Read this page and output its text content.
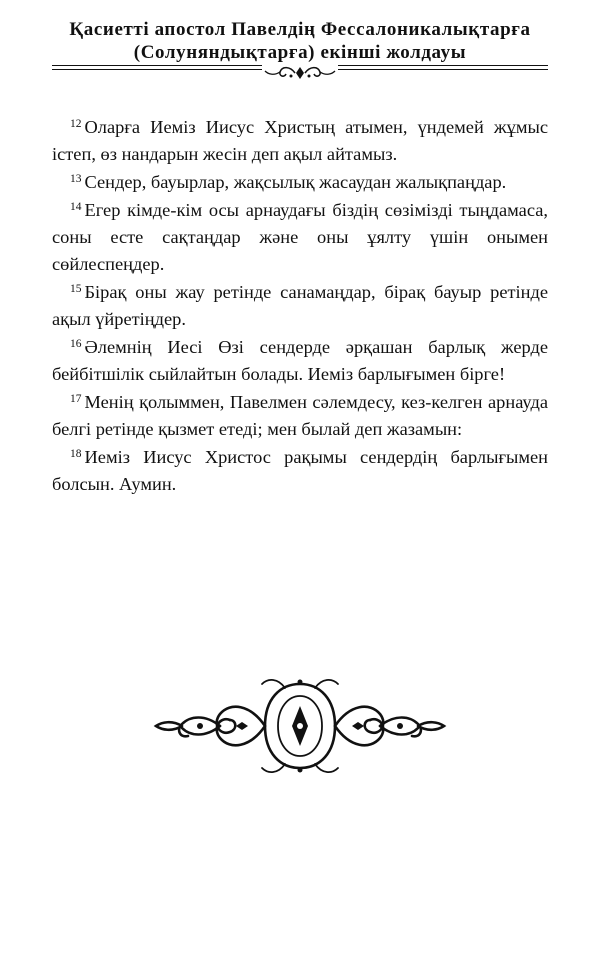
Қасиетті апостол Павелдің Фессалоникалықтарға

(Солуняндықтарға) екінші жолдауы

$^{12}$ Оларға Иеміз Иисус Христың атымен, үндемей жұмыс істеп, өз нандарын жесін деп ақыл айтамыз.

$^{13}$ Сендер, бауырлар, жақсылық жасаудан жалықпаңдар.

$^{14}$ Егер кімде-кім осы арнаудағы біздің сөзімізді тыңдамаса, соны есте сақтаңдар және оны ұялту үшін онымен сөйлеспеңдер.

$^{15}$ Бірақ оны жау ретінде санамаңдар, бірақ бауыр ретінде ақыл үйретіңдер.

$^{16}$ Әлемнің Иесі Өзі сендерде әрқашан барлық жерде бейбітшілік сыйлайтын болады. Иеміз барлығымен бірге!

$^{17}$ Менің қолыммен, Павелмен сәлемдесу, кез-келген арнауда белгі ретінде қызмет етеді; мен былай деп жазамын:

$^{18}$ Иеміз Иисус Христос рақымы сендердің барлығымен болсын. Аумин.
